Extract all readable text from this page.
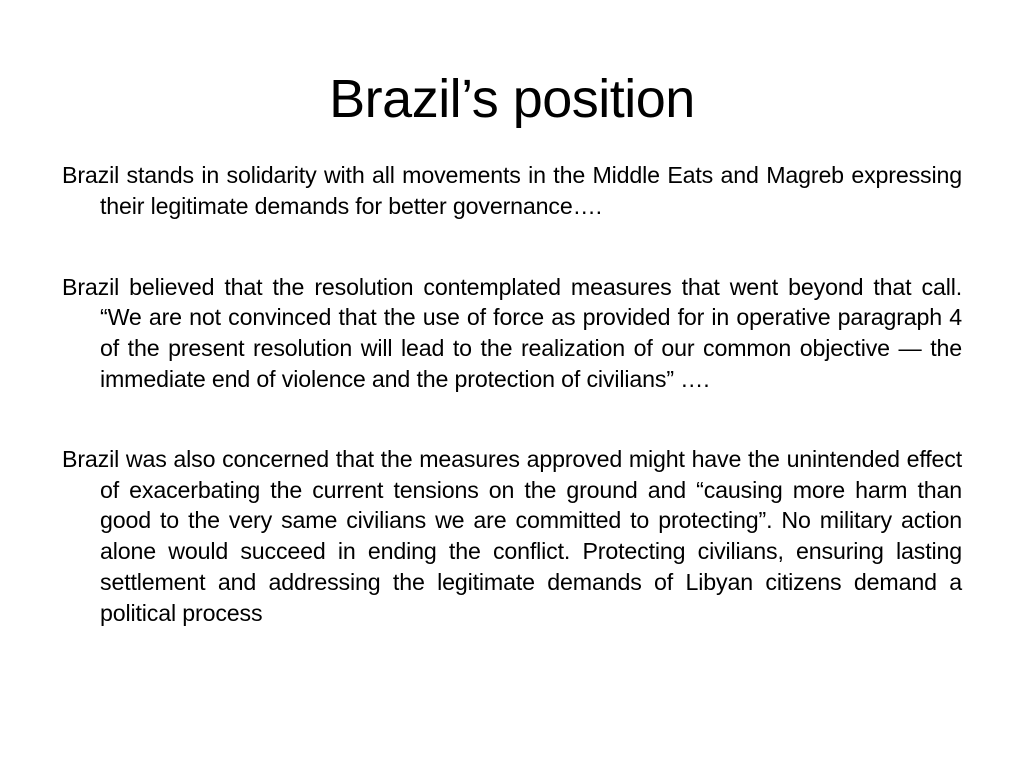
Brazil’s position

Brazil stands in solidarity with all movements in the Middle Eats and Magreb expressing their legitimate demands for better governance….

Brazil believed that the resolution contemplated measures that went beyond that call. “We are not convinced that the use of force as provided for in operative paragraph 4 of the present resolution will lead to the realization of our common objective — the immediate end of violence and the protection of civilians” ….

Brazil was also concerned that the measures approved might have the unintended effect of exacerbating the current tensions on the ground and “causing more harm than good to the very same civilians we are committed to protecting”. No military action alone would succeed in ending the conflict. Protecting civilians, ensuring lasting settlement and addressing the legitimate demands of Libyan citizens demand a political process
